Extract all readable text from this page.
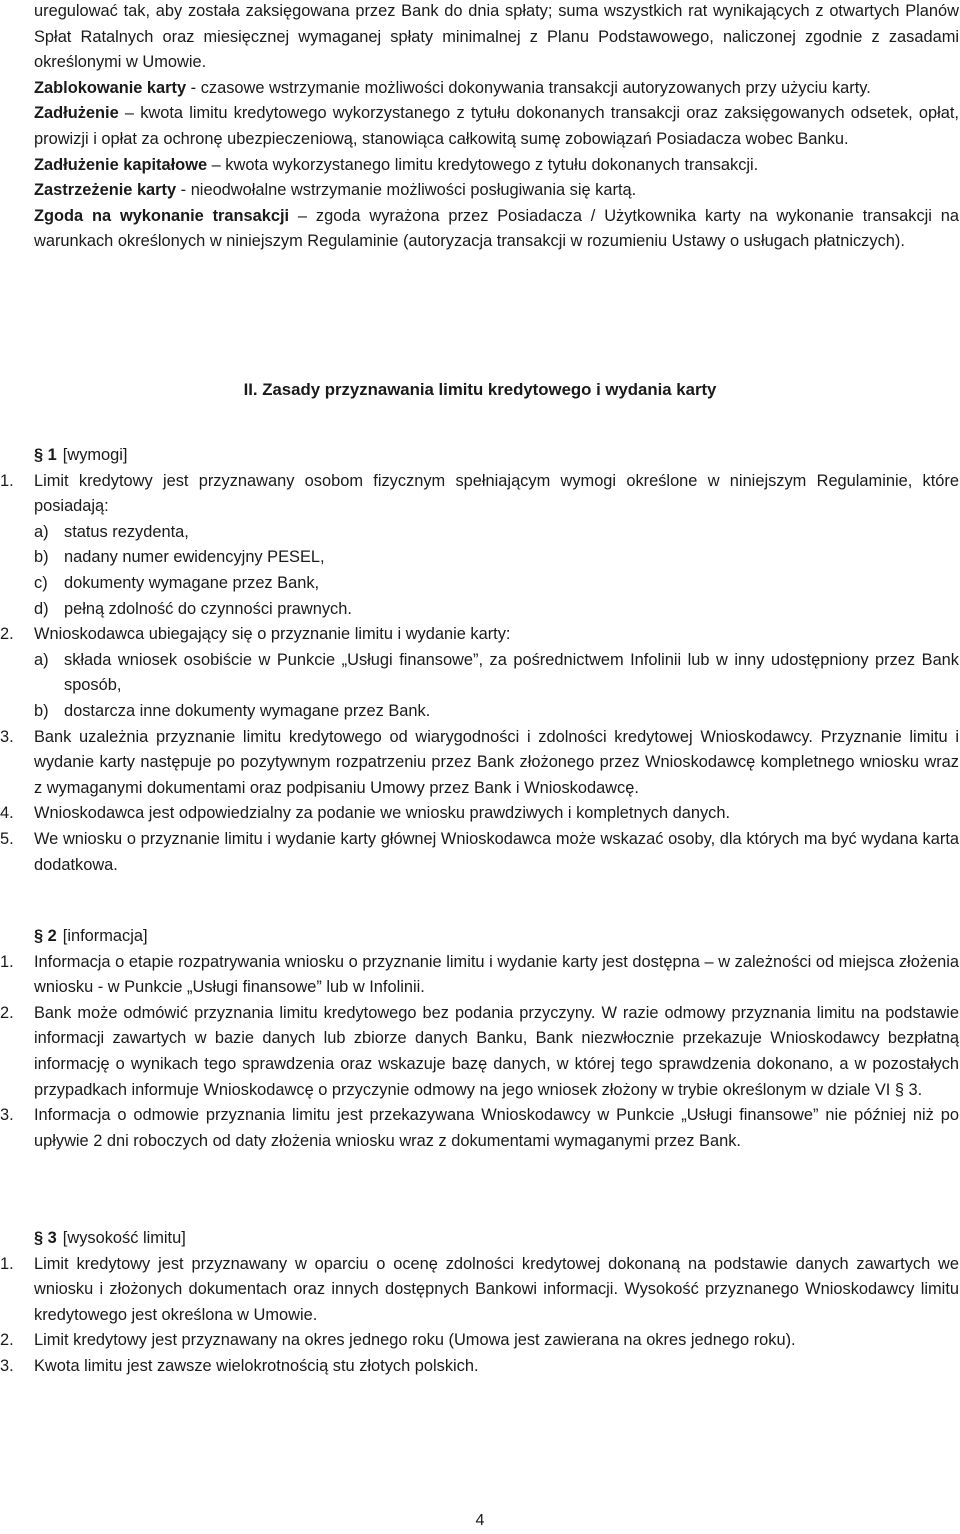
uregulować tak, aby została zaksięgowana przez Bank do dnia spłaty; suma wszystkich rat wynikających z otwartych Planów Spłat Ratalnych oraz miesięcznej wymaganej spłaty minimalnej z Planu Podstawowego, naliczonej zgodnie z zasadami określonymi w Umowie.

Zablokowanie karty - czasowe wstrzymanie możliwości dokonywania transakcji autoryzowanych przy użyciu karty.

Zadłużenie – kwota limitu kredytowego wykorzystanego z tytułu dokonanych transakcji oraz zaksięgowanych odsetek, opłat, prowizji i opłat za ochronę ubezpieczeniową, stanowiąca całkowitą sumę zobowiązań Posiadacza wobec Banku.

Zadłużenie kapitałowe – kwota wykorzystanego limitu kredytowego z tytułu dokonanych transakcji.

Zastrzeżenie karty - nieodwołalne wstrzymanie możliwości posługiwania się kartą.

Zgoda na wykonanie transakcji – zgoda wyrażona przez Posiadacza / Użytkownika karty na wykonanie transakcji na warunkach określonych w niniejszym Regulaminie (autoryzacja transakcji w rozumieniu Ustawy o usługach płatniczych).

II. Zasady przyznawania limitu kredytowego i wydania karty

§ 1 [wymogi]

1. Limit kredytowy jest przyznawany osobom fizycznym spełniającym wymogi określone w niniejszym Regulaminie, które posiadają:

a) status rezydenta,
b) nadany numer ewidencyjny PESEL,
c) dokumenty wymagane przez Bank,
d) pełną zdolność do czynności prawnych.
2. Wnioskodawca ubiegający się o przyznanie limitu i wydanie karty:

a) składa wniosek osobiście w Punkcie „Usługi finansowe”, za pośrednictwem Infolinii lub w inny udostępniony przez Bank sposób,

b) dostarcza inne dokumenty wymagane przez Bank.
3. Bank uzależnia przyznanie limitu kredytowego od wiarygodności i zdolności kredytowej Wnioskodawcy. Przyznanie limitu i wydanie karty następuje po pozytywnym rozpatrzeniu przez Bank złożonego przez Wnioskodawcę kompletnego wniosku wraz z wymaganymi dokumentami oraz podpisaniu Umowy przez Bank i Wnioskodawcę.

4. Wnioskodawca jest odpowiedzialny za podanie we wniosku prawdziwych i kompletnych danych.

5. We wniosku o przyznanie limitu i wydanie karty głównej Wnioskodawca może wskazać osoby, dla których ma być wydana karta dodatkowa.

§ 2 [informacja]

1. Informacja o etapie rozpatrywania wniosku o przyznanie limitu i wydanie karty jest dostępna – w zależności od miejsca złożenia wniosku - w Punkcie „Usługi finansowe” lub w Infolinii.

2. Bank może odmówić przyznania limitu kredytowego bez podania przyczyny. W razie odmowy przyznania limitu na podstawie informacji zawartych w bazie danych lub zbiorze danych Banku, Bank niezwłocznie przekazuje Wnioskodawcy bezpłatną informację o wynikach tego sprawdzenia oraz wskazuje bazę danych, w której tego sprawdzenia dokonano, a w pozostałych przypadkach informuje Wnioskodawcę o przyczynie odmowy na jego wniosek złożony w trybie określonym w dziale VI § 3.

3. Informacja o odmowie przyznania limitu jest przekazywana Wnioskodawcy w Punkcie „Usługi finansowe” nie później niż po upływie 2 dni roboczych od daty złożenia wniosku wraz z dokumentami wymaganymi przez Bank.

§ 3 [wysokość limitu]

1. Limit kredytowy jest przyznawany w oparciu o ocenę zdolności kredytowej dokonaną na podstawie danych zawartych we wniosku i złożonych dokumentach oraz innych dostępnych Bankowi informacji. Wysokość przyznanego Wnioskodawcy limitu kredytowego jest określona w Umowie.

2. Limit kredytowy jest przyznawany na okres jednego roku (Umowa jest zawierana na okres jednego roku).

3. Kwota limitu jest zawsze wielokrotnością stu złotych polskich.

4
